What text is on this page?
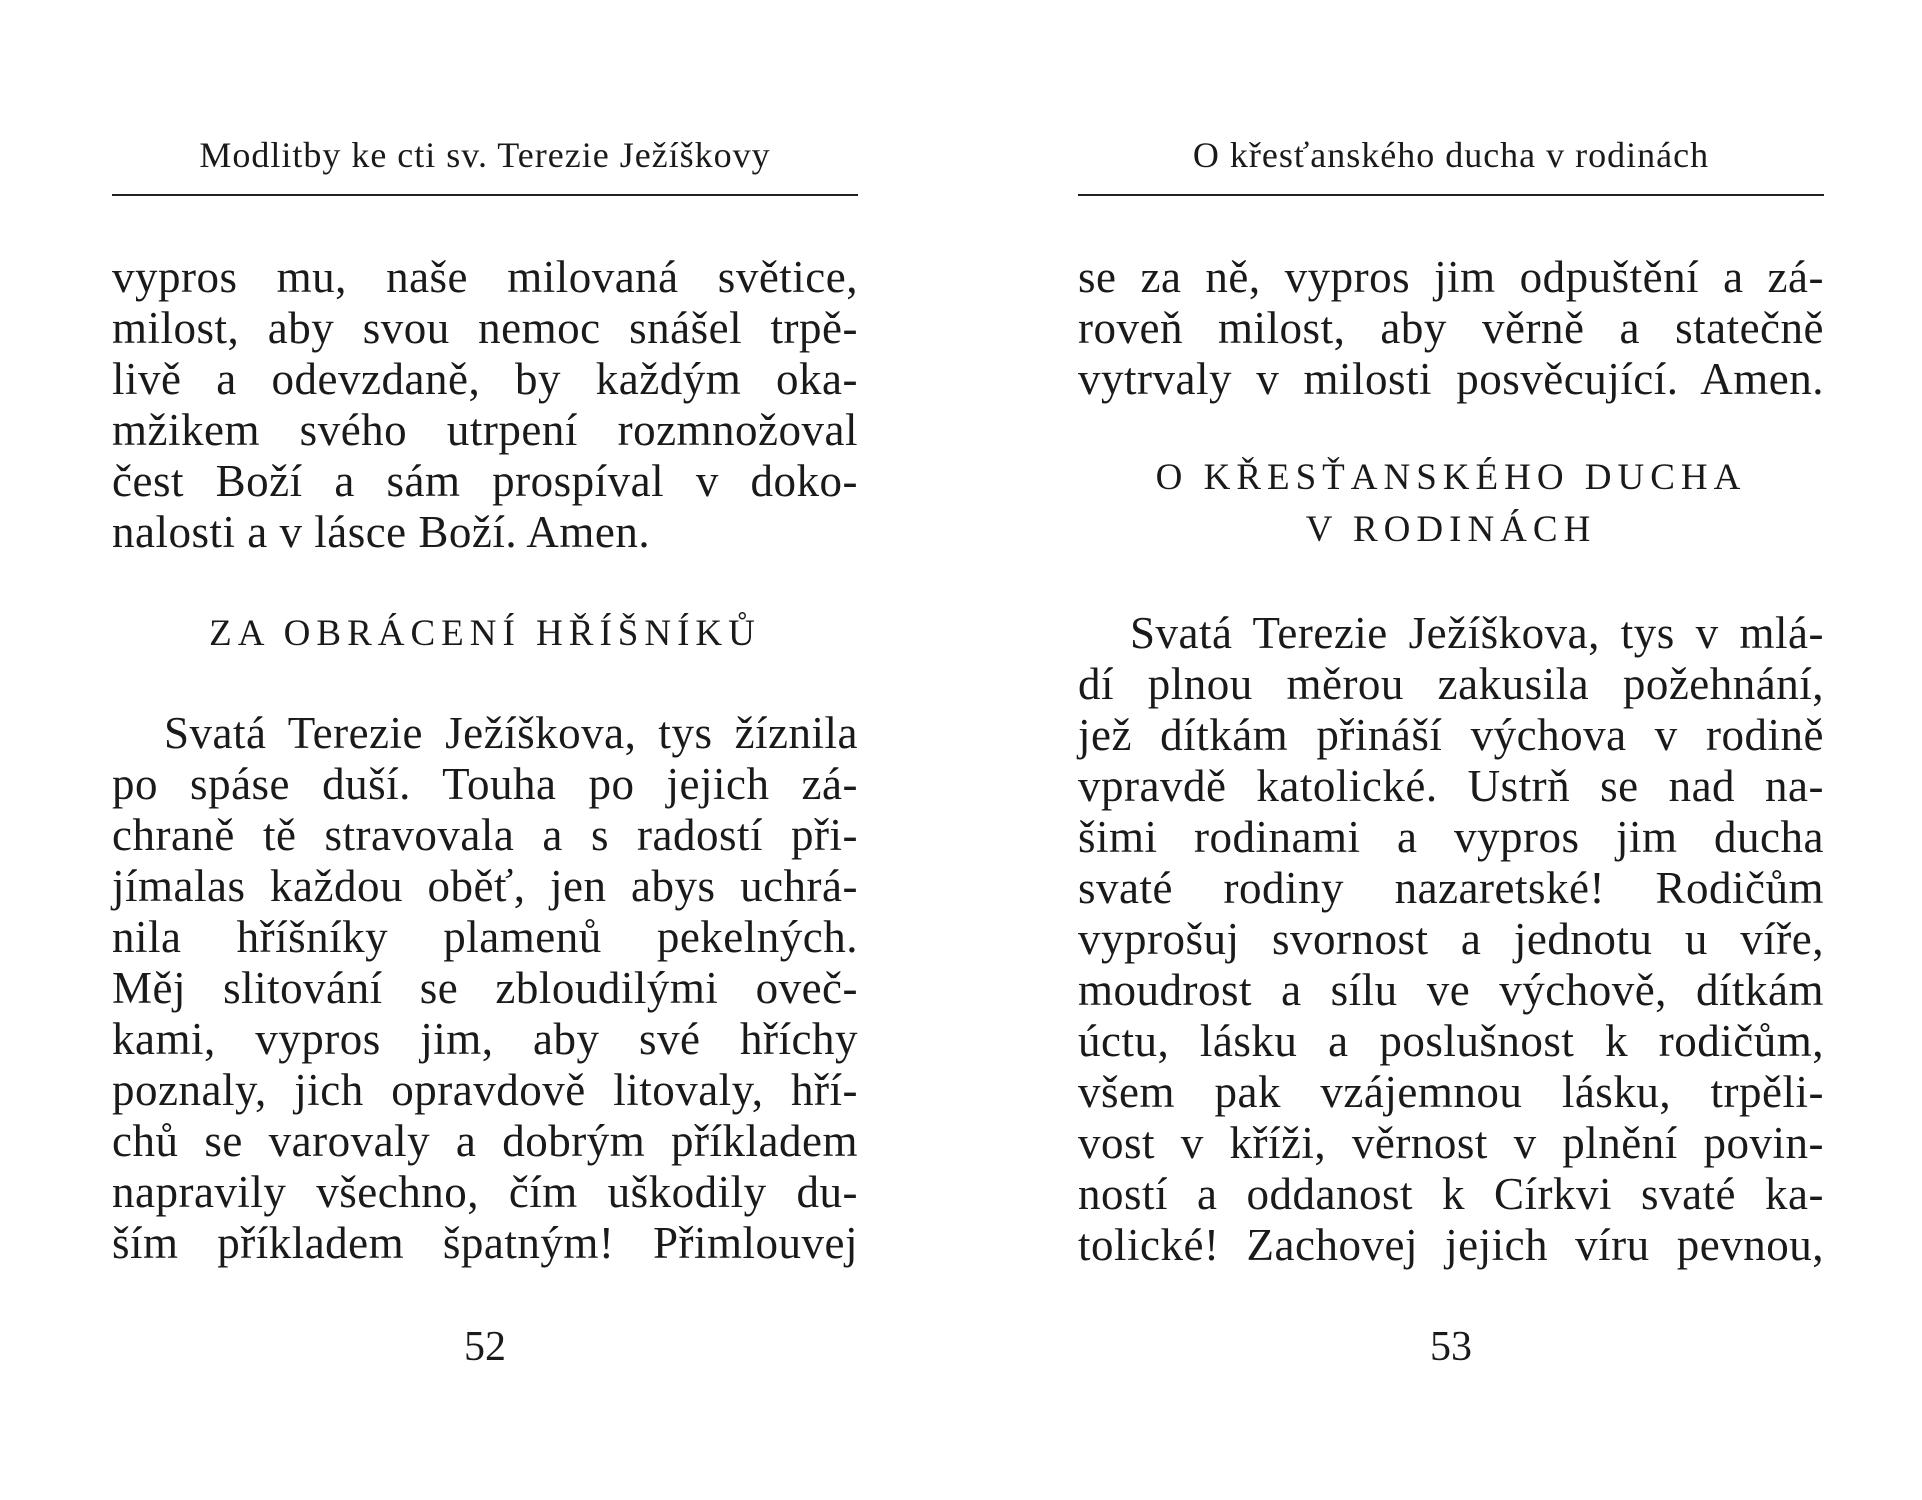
Modlitby ke cti sv. Terezie Ježíškovy
vypros mu, naše milovaná světice,
milost, aby svou nemoc snášel trpě-
livě a odevzdaně, by každým oka-
mžikem svého utrpení rozmnožoval
čest Boží a sám prospíval v doko-
nalosti a v lásce Boží. Amen.
ZA OBRÁCENÍ HŘÍŠNÍKŮ
Svatá Terezie Ježíškova, tys žíznila
po spáse duší. Touha po jejich zá-
chraně tě stravovala a s radostí při-
jímalas každou oběť, jen abys uchrá-
nila hříšníky plamenů pekelných.
Měj slitování se zbloudilými oveč-
kami, vypros jim, aby své hříchy
poznaly, jich opravdově litovaly, hří-
chů se varovaly a dobrým příkladem
napravily všechno, čím uškodily du-
ším příkladem špatným! Přimlouvej
52
O křesťanského ducha v rodinách
se za ně, vypros jim odpuštění a zá-
roveň milost, aby věrně a statečně
vytrvaly v milosti posvěcující. Amen.
O KŘESŤANSKÉHO DUCHA
V RODINÁCH
Svatá Terezie Ježíškova, tys v mlá-
dí plnou měrou zakusila požehnání,
jež dítkám přináší výchova v rodině
vpravdě katolické. Ustrň se nad na-
šimi rodinami a vypros jim ducha
svaté rodiny nazaretské! Rodičům
vyprošuj svornost a jednotu u víře,
moudrost a sílu ve výchově, dítkám
úctu, lásku a poslušnost k rodičům,
všem pak vzájemnou lásku, trpěli-
vost v kříži, věrnost v plnění povin-
ností a oddanost k Církvi svaté ka-
tolické! Zachovej jejich víru pevnou,
53
